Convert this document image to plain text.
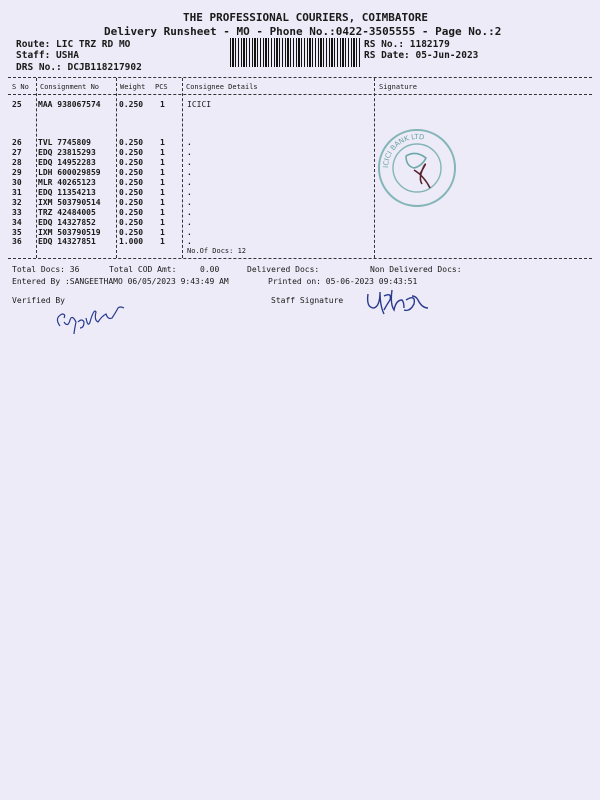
THE PROFESSIONAL COURIERS, COIMBATORE
Delivery Runsheet - MO - Phone No.:0422-3505555 - Page No.:2
Route: LIC TRZ RD MO
Staff: USHA
DRS No.: DCJB118217902
RS No.: 1182179
RS Date: 05-Jun-2023
S No Consignment No	Weight PCS	Consignee Details	Signature
25 MAA 938067574 0.250 1	ICICI
26 TVL 7745809	0.250 1	.
27 EDQ 23815293	0.250 1	.
28 EDQ 14952283	0.250 1	.
29 LDH 600029859 0.250 1	.
30 MLR 40265123	0.250 1	.
31 EDQ 11354213	0.250 1	.
32 IXM 503790514 0.250 1	.
33 TRZ 42484005	0.250 1	.
34 EDQ 14327852	0.250 1	.
35 IXM 503790519 0.250 1	.
36 EDQ 14327851	1.000 1	.
No.Of Docs: 12
ICICI BANK LTD
Total Docs: 36	Total COD Amt:	0.00	Delivered Docs:	Non Delivered Docs:
Entered By :SANGEETHAMO 06/05/2023 9:43:49 AM	Printed on: 05-06-2023 09:43:51
Verified By	Staff Signature
